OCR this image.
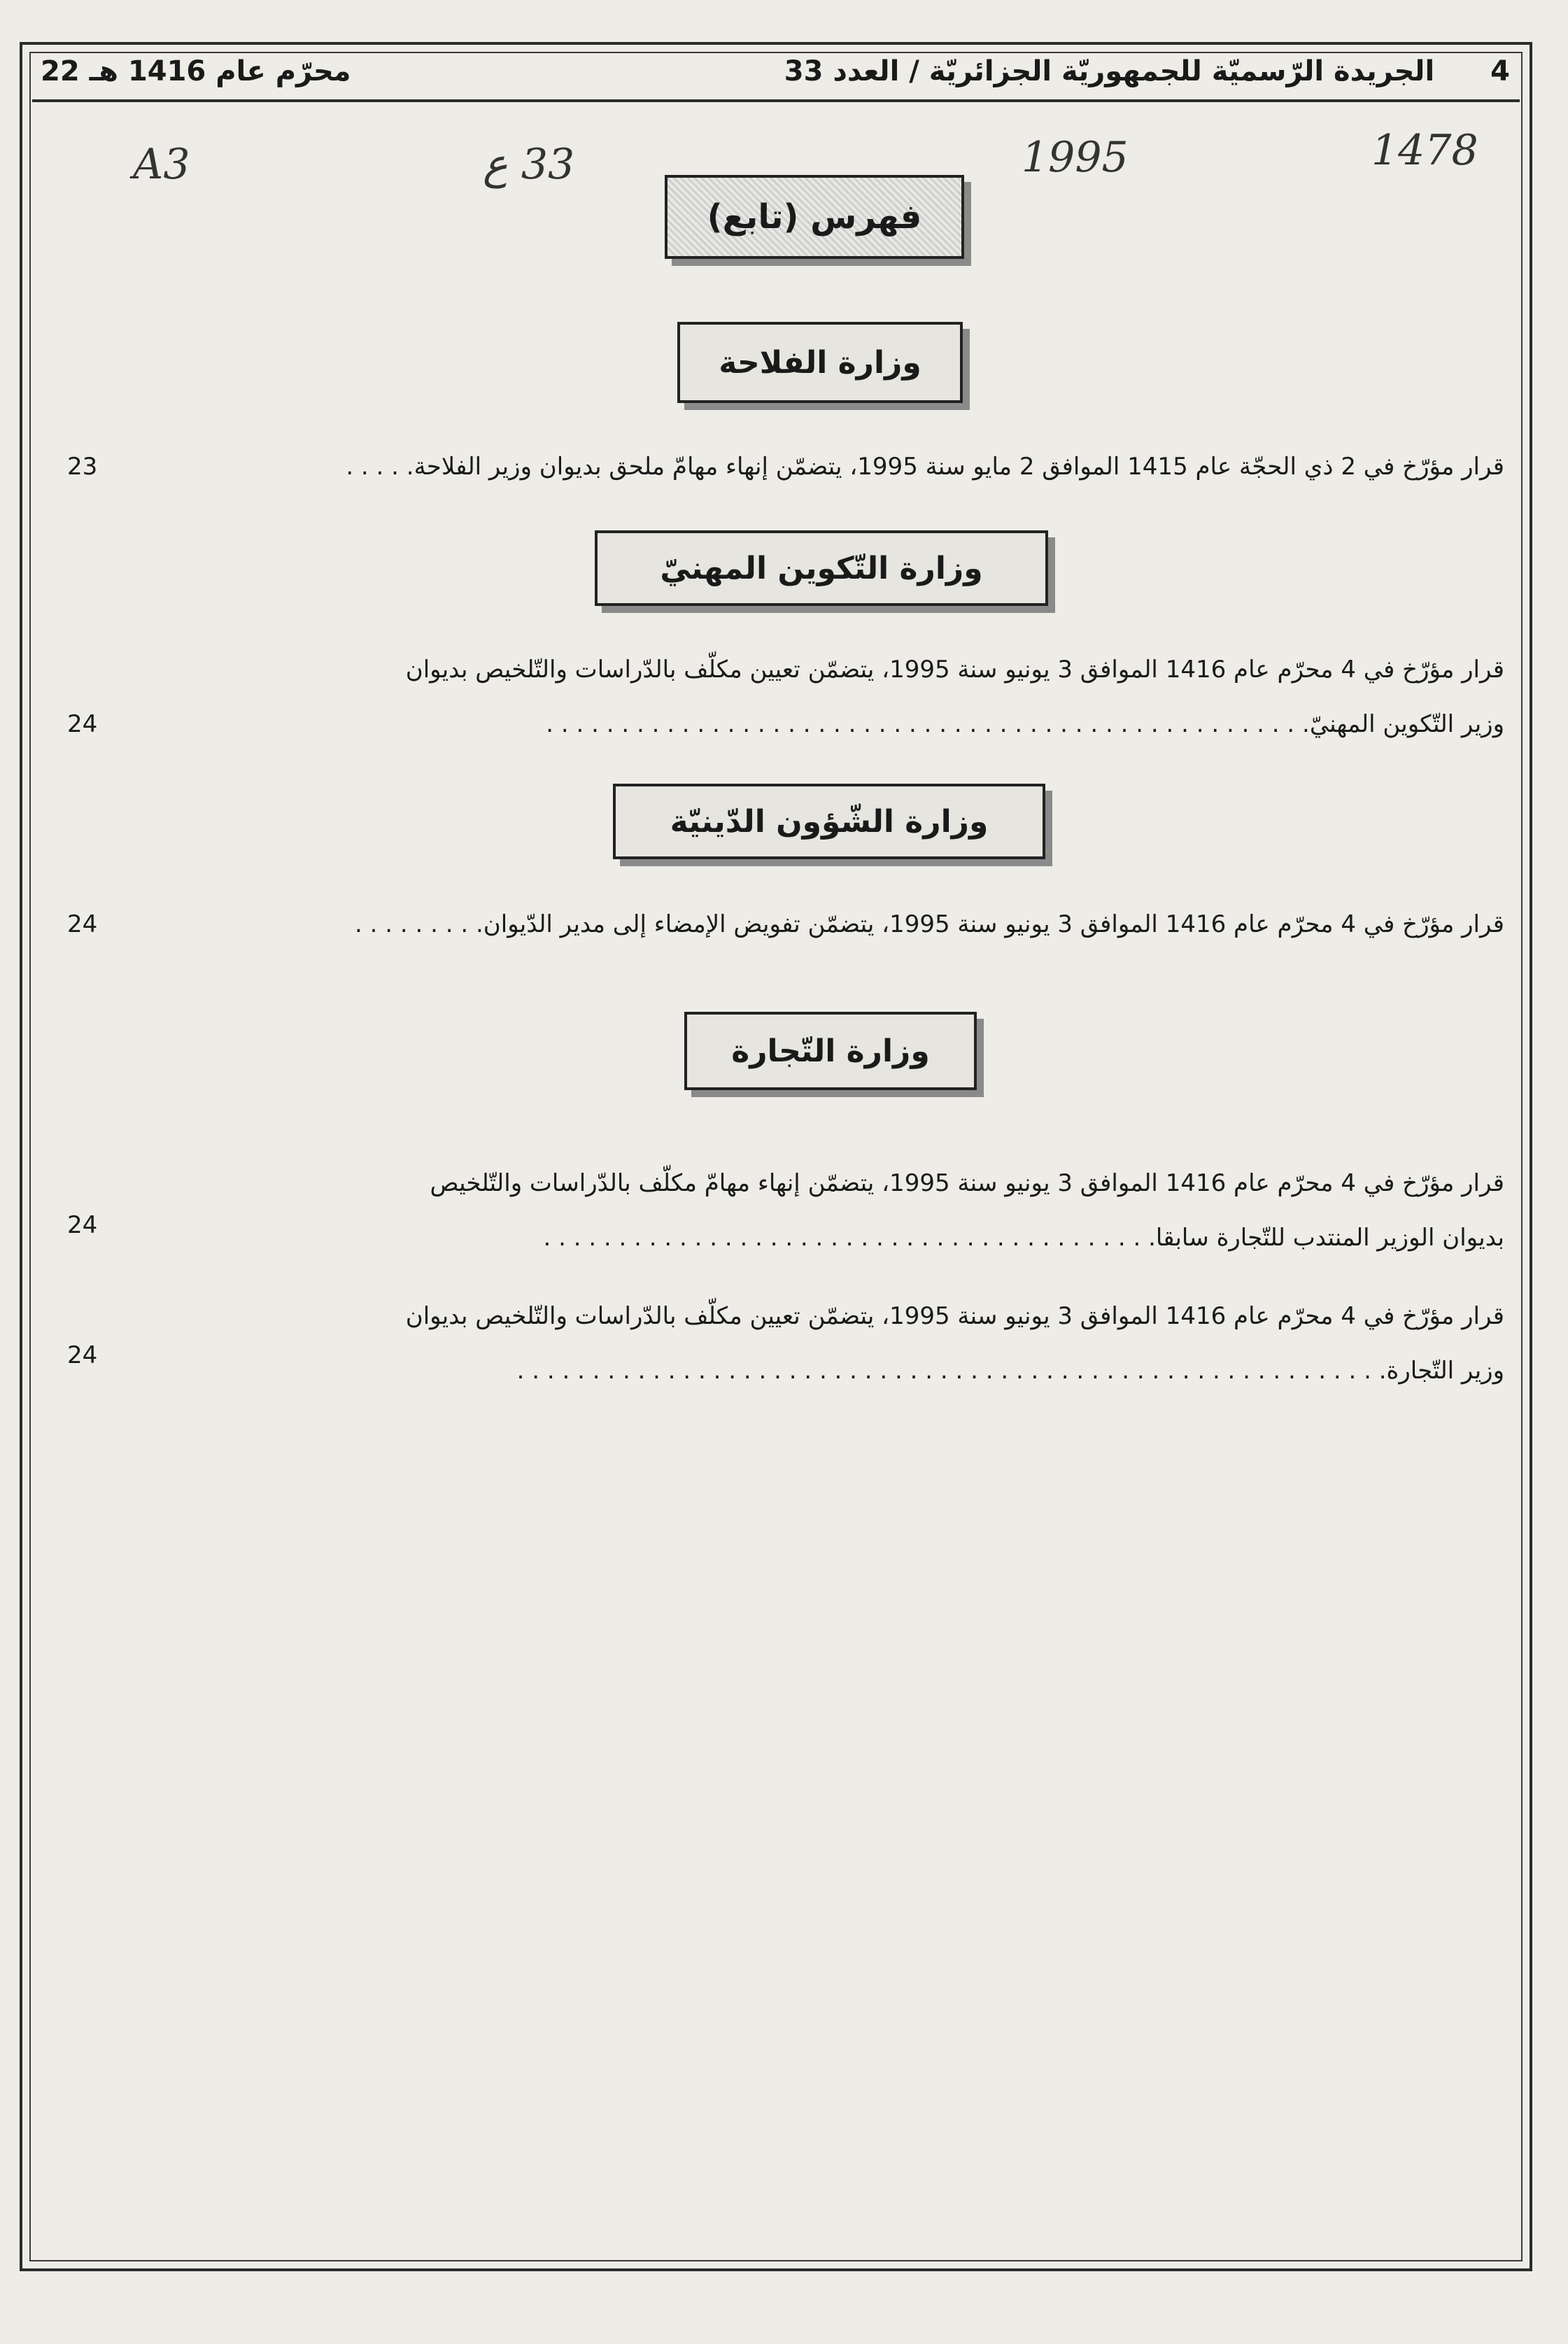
22 محرّم عام 1416 هـ	الجريدة الرّسميّة للجمهوريّة الجزائريّة / العدد 33 4
A3	33 ع	1995	1478
فهرس (تابع)
وزارة الفلاحة
قرار مؤرّخ في 2 ذي الحجّة عام 1415 الموافق 2 مايو سنة 1995، يتضمّن إنهاء مهامّ ملحق بديوان وزير الفلاحة. . . . .
23
وزارة التّكوين المهنيّ
قرار مؤرّخ في 4 محرّم عام 1416 الموافق 3 يونيو سنة 1995، يتضمّن تعيين مكلّف بالدّراسات والتّلخيص بديوان
وزير التّكوين المهنيّ. . . . . . . . . . . . . . . . . . . . . . . . . . . . . . . . . . . . . . . . . . . . . . . . . . .
24
وزارة الشّؤون الدّينيّة
قرار مؤرّخ في 4 محرّم عام 1416 الموافق 3 يونيو سنة 1995، يتضمّن تفويض الإمضاء إلى مدير الدّيوان. . . . . . . . .
24
وزارة التّجارة
قرار مؤرّخ في 4 محرّم عام 1416 الموافق 3 يونيو سنة 1995، يتضمّن إنهاء مهامّ مكلّف بالدّراسات والتّلخيص
بديوان الوزير المنتدب للتّجارة سابقا. . . . . . . . . . . . . . . . . . . . . . . . . . . . . . . . . . . . . . . . .
24
قرار مؤرّخ في 4 محرّم عام 1416 الموافق 3 يونيو سنة 1995، يتضمّن تعيين مكلّف بالدّراسات والتّلخيص بديوان
وزير التّجارة. . . . . . . . . . . . . . . . . . . . . . . . . . . . . . . . . . . . . . . . . . . . . . . . . . . . . . . . . .
24
